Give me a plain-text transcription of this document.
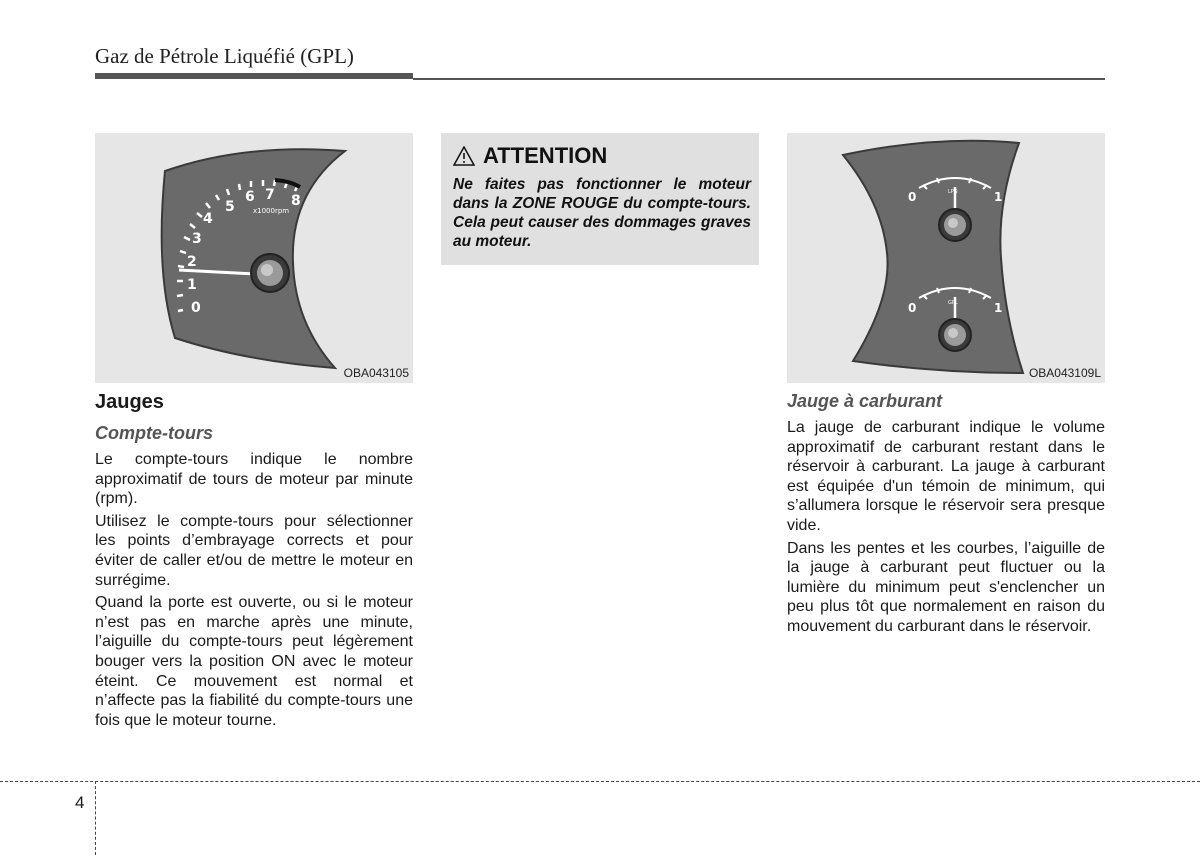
Gaz de Pétrole Liquéfié (GPL)
0
1
2
3
4
5
6 7 8
x1000rpm
OBA043105
ATTENTION
Ne faites pas fonctionner le moteur dans la ZONE ROUGE du compte-tours. Cela peut causer des dommages graves au moteur.
0	1
LPG
0	1
GPL
OBA043109L
Jauges
Compte-tours

Le compte-tours indique le nombre approximatif de tours de moteur par minute (rpm).

Utilisez le compte-tours pour sélectionner les points d’embrayage corrects et pour éviter de caller et/ou de mettre le moteur en surrégime.

Quand la porte est ouverte, ou si le moteur n’est pas en marche après une minute, l’aiguille du compte-tours peut légèrement bouger vers la position ON avec le moteur éteint. Ce mouvement est normal et n’affecte pas la fiabilité du compte-tours une fois que le moteur tourne.

Jauge à carburant

La jauge de carburant indique le volume approximatif de carburant restant dans le réservoir à carburant. La jauge à carburant est équipée d'un témoin de minimum, qui s’allumera lorsque le réservoir sera presque vide.

Dans les pentes et les courbes, l’aiguille de la jauge à carburant peut fluctuer ou la lumière du minimum peut s'enclencher un peu plus tôt que normalement en raison du mouvement du carburant dans le réservoir.

4
